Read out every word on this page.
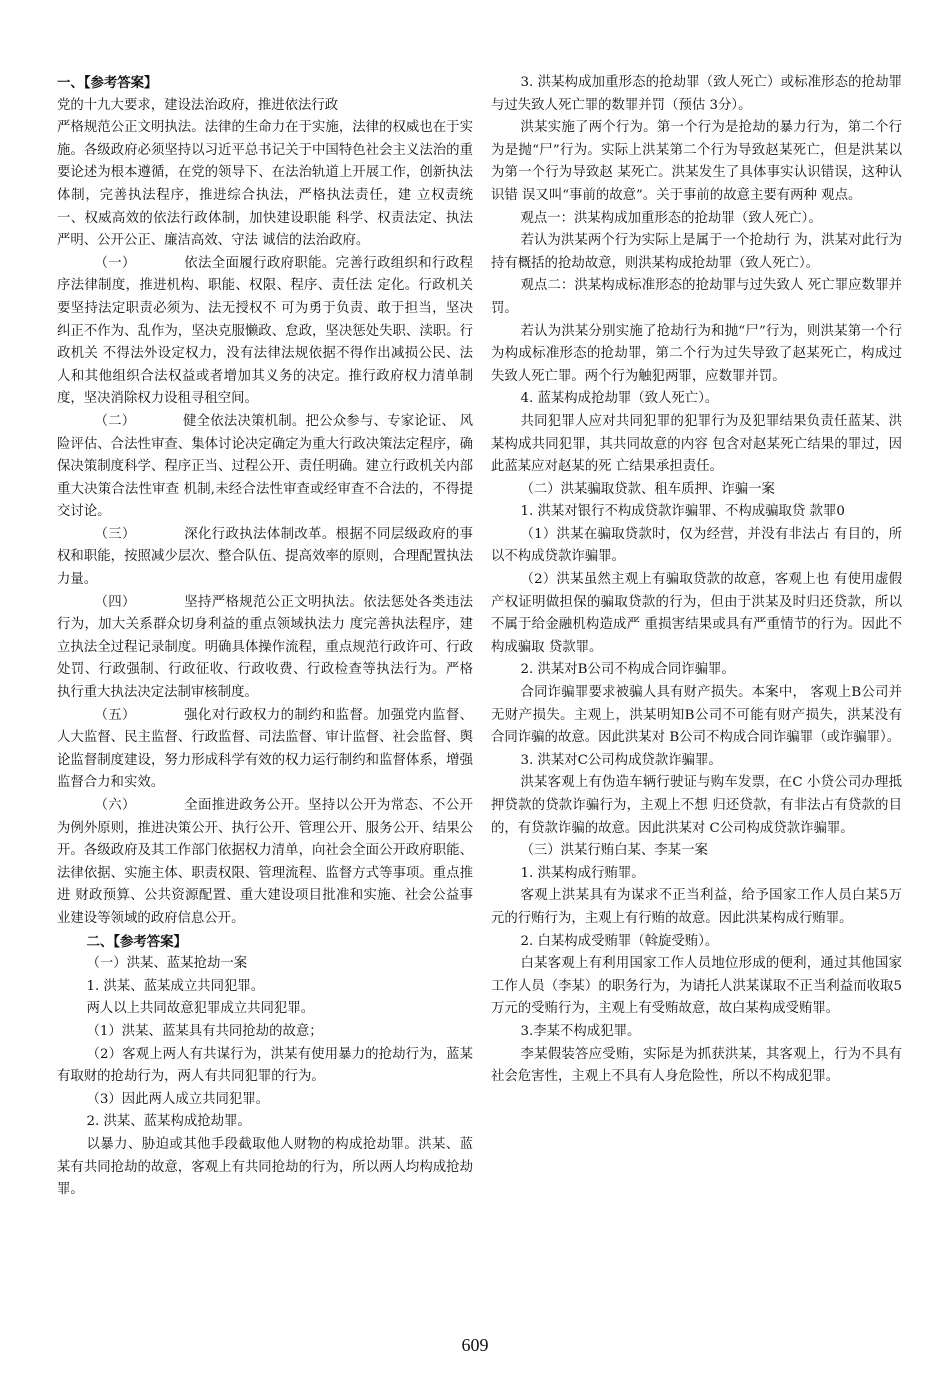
一、【参考答案】

党的十九大要求，建设法治政府，推进依法行政

严格规范公正文明执法。法律的生命力在于实施，法律的权威也在于实施。各级政府必须坚持以习近平总书记关于中国特色社会主义法治的重要论述为根本遵循，在党的领导下、在法治轨道上开展工作，创新执法 体制，完善执法程序，推进综合执法，严格执法责任，建 立权责统一、权威高效的依法行政体制，加快建设职能 科学、权责法定、执法严明、公开公正、廉洁高效、守法 诚信的法治政府。

（一）　　　　依法全面履行政府职能。完善行政组织和行政程序法律制度，推进机构、职能、权限、程序、责任法 定化。行政机关要坚持法定职责必须为、法无授权不 可为勇于负责、敢于担当，坚决纠正不作为、乱作为，坚决克服懒政、怠政，坚决惩处失职、渎职。行政机关 不得法外设定权力，没有法律法规依据不得作出减损公民、法人和其他组织合法权益或者增加其义务的决定。推行政府权力清单制度，坚决消除权力设租寻租空间。

（二）　　　　健全依法决策机制。把公众参与、专家论证、 风险评估、合法性审查、集体讨论决定确定为重大行政决策法定程序，确保决策制度科学、程序正当、过程公开、责任明确。建立行政机关内部重大决策合法性审查 机制,未经合法性审查或经审查不合法的，不得提交讨论。

（三）　　　　深化行政执法体制改革。根据不同层级政府的事权和职能，按照减少层次、整合队伍、提高效率的原则，合理配置执法力量。

（四）　　　　坚持严格规范公正文明执法。依法惩处各类违法行为，加大关系群众切身利益的重点领域执法力 度完善执法程序，建立执法全过程记录制度。明确具体操作流程，重点规范行政许可、行政处罚、行政强制、行政征收、行政收费、行政检查等执法行为。严格 执行重大执法决定法制审核制度。

（五）　　　　强化对行政权力的制约和监督。加强党内监督、人大监督、民主监督、行政监督、司法监督、审计监督、社会监督、舆论监督制度建设，努力形成科学有效的权力运行制约和监督体系，增强监督合力和实效。

（六）　　　　全面推进政务公开。坚持以公开为常态、不公开为例外原则，推进决策公开、执行公开、管理公开、服务公开、结果公开。各级政府及其工作部门依据权力清单，向社会全面公开政府职能、法律依据、实施主体、职责权限、管理流程、监督方式等事项。重点推进 财政预算、公共资源配置、重大建设项目批准和实施、社会公益事业建设等领域的政府信息公开。

二、【参考答案】

（一）洪某、蓝某抢劫一案

1. 洪某、蓝某成立共同犯罪。

两人以上共同故意犯罪成立共同犯罪。

（1）洪某、蓝某具有共同抢劫的故意；

（2）客观上两人有共谋行为，洪某有使用暴力的抢劫行为，蓝某有取财的抢劫行为，两人有共同犯罪的行为。

（3）因此两人成立共同犯罪。

2. 洪某、蓝某构成抢劫罪。

以暴力、胁迫或其他手段截取他人财物的构成抢劫罪。洪某、蓝某有共同抢劫的故意，客观上有共同抢劫的行为，所以两人均构成抢劫罪。

3. 洪某构成加重形态的抢劫罪（致人死亡）或标准形态的抢劫罪与过失致人死亡罪的数罪并罚（预估 3分）。

洪某实施了两个行为。第一个行为是抢劫的暴力行为，第二个行为是抛“尸”行为。实际上洪某第二个行为导致赵某死亡，但是洪某以为第一个行为导致赵 某死亡。洪某发生了具体事实认识错误，这种认识错 误又叫“事前的故意”。关于事前的故意主要有两种 观点。

观点一：洪某构成加重形态的抢劫罪（致人死亡）。

若认为洪某两个行为实际上是属于一个抢劫行 为，洪某对此行为持有概括的抢劫故意，则洪某构成抢劫罪（致人死亡）。

观点二：洪某构成标准形态的抢劫罪与过失致人 死亡罪应数罪并罚。

若认为洪某分别实施了抢劫行为和抛“尸”行为，则洪某第一个行为构成标准形态的抢劫罪，第二个行为过失导致了赵某死亡，构成过失致人死亡罪。两个行为触犯两罪，应数罪并罚。

4. 蓝某构成抢劫罪（致人死亡）。

共同犯罪人应对共同犯罪的犯罪行为及犯罪结果负责任蓝某、洪某构成共同犯罪，其共同故意的内容 包含对赵某死亡结果的罪过，因此蓝某应对赵某的死 亡结果承担责任。

（二）洪某骗取贷款、租车质押、诈骗一案

1. 洪某对银行不构成贷款诈骗罪、不构成骗取贷 款罪0

（1）洪某在骗取贷款时，仅为经营，并没有非法占 有目的，所以不构成贷款诈骗罪。

（2）洪某虽然主观上有骗取贷款的故意，客观上也 有使用虚假产权证明做担保的骗取贷款的行为，但由于洪某及时归还贷款，所以不属于给金融机构造成严 重损害结果或具有严重情节的行为。因此不构成骗取 贷款罪。

2. 洪某对B公司不构成合同诈骗罪。

合同诈骗罪要求被骗人具有财产损失。本案中， 客观上B公司并无财产损失。主观上，洪某明知B公司不可能有财产损失，洪某没有合同诈骗的故意。因此洪某对 B公司不构成合同诈骗罪（或诈骗罪）。

3. 洪某对C公司构成贷款诈骗罪。

洪某客观上有伪造车辆行驶证与购车发票，在C 小贷公司办理抵押贷款的贷款诈骗行为，主观上不想 归还贷款，有非法占有贷款的目的，有贷款诈骗的故意。因此洪某对 C公司构成贷款诈骗罪。

（三）洪某行贿白某、李某一案

1. 洪某构成行贿罪。

客观上洪某具有为谋求不正当利益，给予国家工作人员白某5万元的行贿行为，主观上有行贿的故意。因此洪某构成行贿罪。

2. 白某构成受贿罪（斡旋受贿）。

白某客观上有利用国家工作人员地位形成的便利，通过其他国家工作人员（李某）的职务行为，为请托人洪某谋取不正当利益而收取5万元的受贿行为，主观上有受贿故意，故白某构成受贿罪。

3.李某不构成犯罪。

李某假装答应受贿，实际是为抓获洪某，其客观上，行为不具有社会危害性，主观上不具有人身危险性，所以不构成犯罪。

609
